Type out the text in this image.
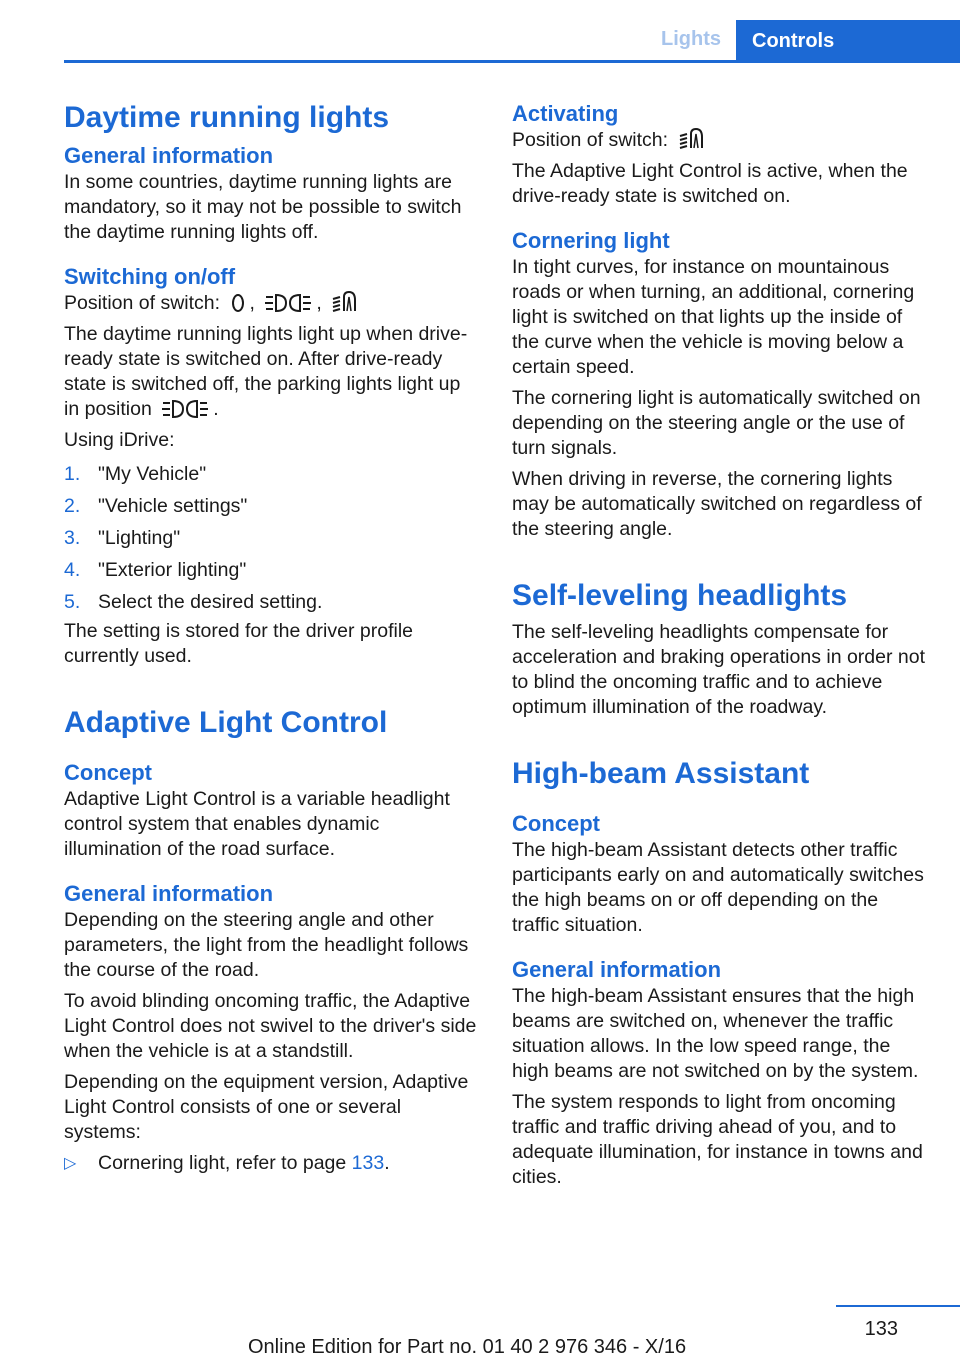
Lights	Controls
Daytime running lights
General information

In some countries, daytime running lights are mandatory, so it may not be possible to switch the daytime running lights off.

Switching on/off

Position of switch: ,	,

The daytime running lights light up when drive-ready state is switched on. After drive-ready state is switched off, the parking lights light up in position	.

Using iDrive:

1. "My Vehicle"
2. "Vehicle settings"
3. "Lighting"
4. "Exterior lighting"
5. Select the desired setting.

The setting is stored for the driver profile currently used.

Adaptive Light Control
Concept

Adaptive Light Control is a variable headlight control system that enables dynamic illumination of the road surface.

General information

Depending on the steering angle and other parameters, the light from the headlight follows the course of the road.

To avoid blinding oncoming traffic, the Adaptive Light Control does not swivel to the driver's side when the vehicle is at a standstill.

Depending on the equipment version, Adaptive Light Control consists of one or several systems:

▷ Cornering light, refer to page 133.
Activating

Position of switch:

The Adaptive Light Control is active, when the drive-ready state is switched on.

Cornering light

In tight curves, for instance on mountainous roads or when turning, an additional, cornering light is switched on that lights up the inside of the curve when the vehicle is moving below a certain speed.

The cornering light is automatically switched on depending on the steering angle or the use of turn signals.

When driving in reverse, the cornering lights may be automatically switched on regardless of the steering angle.

Self-leveling headlights

The self-leveling headlights compensate for acceleration and braking operations in order not to blind the oncoming traffic and to achieve optimum illumination of the roadway.

High-beam Assistant
Concept

The high-beam Assistant detects other traffic participants early on and automatically switches the high beams on or off depending on the traffic situation.

General information

The high-beam Assistant ensures that the high beams are switched on, whenever the traffic situation allows. In the low speed range, the high beams are not switched on by the system.

The system responds to light from oncoming traffic and traffic driving ahead of you, and to adequate illumination, for instance in towns and cities.

133
Online Edition for Part no. 01 40 2 976 346 - X/16
